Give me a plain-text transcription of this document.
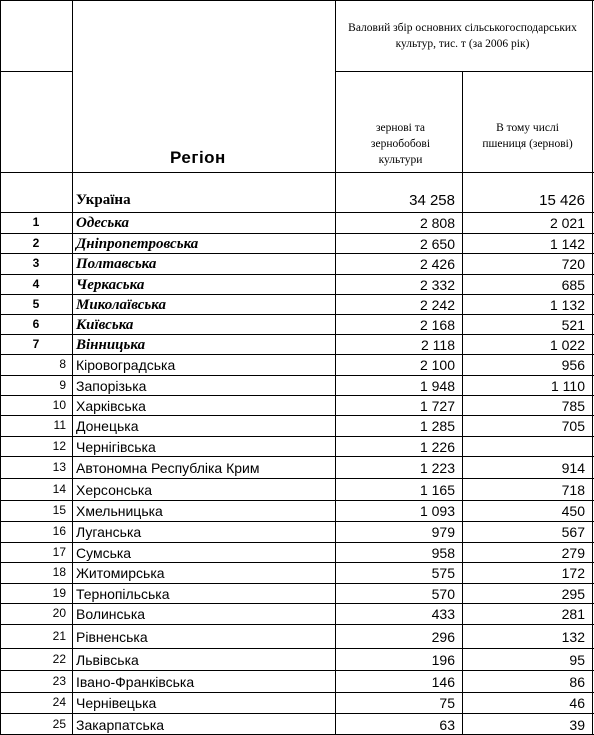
Валовий збір основних сільськогосподарських культур, тис. т (за 2006 рік)
Регіон
зернові та зернобобові культури
В тому числі пшениця (зернові)
Україна	34 258	15 426
1	Одеська	2 808	2 021
2	Дніпропетровська	2 650	1 142
3	Полтавська	2 426	720
4	Черкаська	2 332	685
5	Миколаївська	2 242	1 132
6	Київська	2 168	521
7	Вінницька	2 118	1 022
8 Кіровоградська	2 100	956
9 Запорізька	1 948	1 110
10 Харківська	1 727	785
11 Донецька	1 285	705
12 Чернігівська	1 226
13 Автономна Республіка Крим	1 223	914
14 Херсонська	1 165	718
15 Хмельницька	1 093	450
16 Луганська	979	567
17 Сумська	958	279
18 Житомирська	575	172
19 Тернопільська	570	295
20 Волинська	433	281
21 Рівненська	296	132
22 Львівська	196	95
23 Івано-Франківська	146	86
24 Чернівецька	75	46
25 Закарпатська	63	39
